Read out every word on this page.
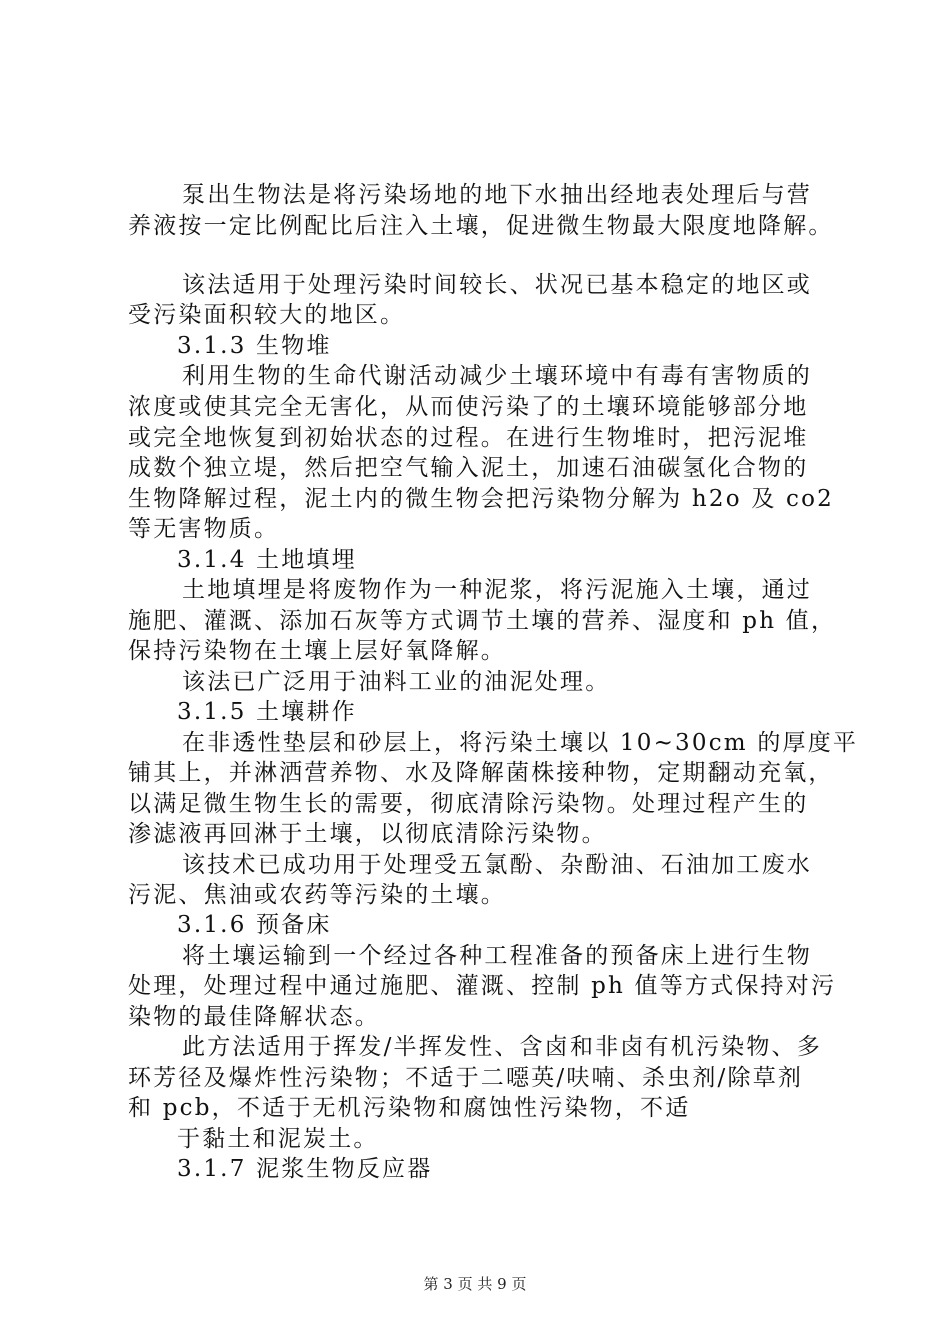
泵出生物法是将污染场地的地下水抽出经地表处理后与营
养液按一定比例配比后注入土壤，促进微生物最大限度地降解。
该法适用于处理污染时间较长、状况已基本稳定的地区或
受污染面积较大的地区。
3.1.3 生物堆
利用生物的生命代谢活动减少土壤环境中有毒有害物质的
浓度或使其完全无害化，从而使污染了的土壤环境能够部分地
或完全地恢复到初始状态的过程。在进行生物堆时，把污泥堆
成数个独立堤，然后把空气输入泥土，加速石油碳氢化合物的
生物降解过程，泥土内的微生物会把污染物分解为 h2o 及 co2
等无害物质。
3.1.4 土地填埋
土地填埋是将废物作为一种泥浆，将污泥施入土壤，通过
施肥、灌溉、添加石灰等方式调节土壤的营养、湿度和 ph 值，
保持污染物在土壤上层好氧降解。
该法已广泛用于油料工业的油泥处理。
3.1.5 土壤耕作
在非透性垫层和砂层上，将污染土壤以 10~30cm 的厚度平
铺其上，并淋洒营养物、水及降解菌株接种物，定期翻动充氧，
以满足微生物生长的需要，彻底清除污染物。处理过程产生的
渗滤液再回淋于土壤，以彻底清除污染物。
该技术已成功用于处理受五氯酚、杂酚油、石油加工废水
污泥、焦油或农药等污染的土壤。
3.1.6 预备床
将土壤运输到一个经过各种工程准备的预备床上进行生物
处理，处理过程中通过施肥、灌溉、控制 ph 值等方式保持对污
染物的最佳降解状态。
此方法适用于挥发/半挥发性、含卤和非卤有机污染物、多
环芳径及爆炸性污染物；不适于二噁英/呋喃、杀虫剂/除草剂
和 pcb，不适于无机污染物和腐蚀性污染物，不适
于黏土和泥炭土。
3.1.7 泥浆生物反应器
第 3 页 共 9 页
